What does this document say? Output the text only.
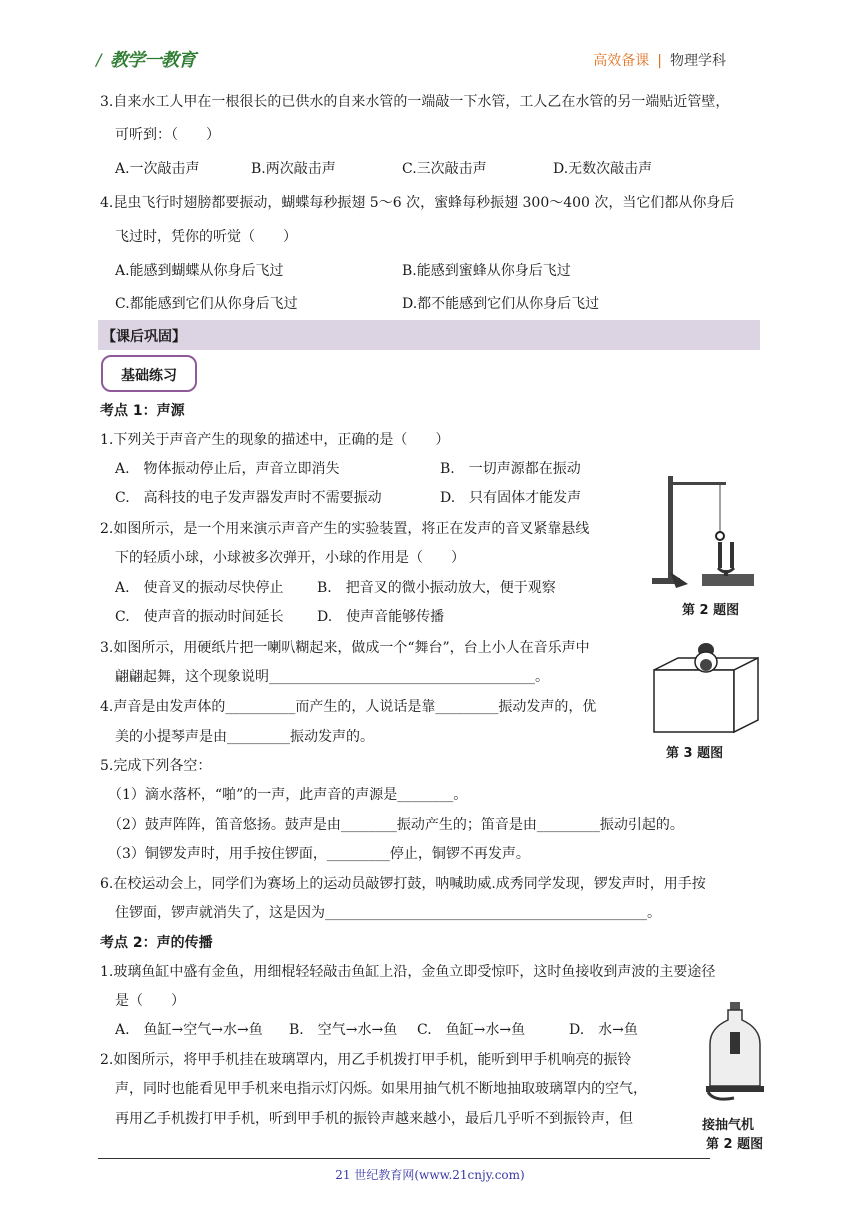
/ 教学一教育	高效备课 | 物理学科
3.自来水工人甲在一根很长的已供水的自来水管的一端敲一下水管，工人乙在水管的另一端贴近管壁，
可听到：（　　）
A.一次敲击声	B.两次敲击声	C.三次敲击声	D.无数次敲击声
4.昆虫飞行时翅膀都要振动，蝴蝶每秒振翅 5～6 次，蜜蜂每秒振翅 300～400 次，当它们都从你身后
飞过时，凭你的听觉（　　）
A.能感到蝴蝶从你身后飞过	B.能感到蜜蜂从你身后飞过
C.都能感到它们从你身后飞过	D.都不能感到它们从你身后飞过
【课后巩固】
基础练习
考点 1：声源
1.下列关于声音产生的现象的描述中，正确的是（　　）
A.　物体振动停止后，声音立即消失	B.　一切声源都在振动
C.　高科技的电子发声器发声时不需要振动	D.　只有固体才能发声
2.如图所示，是一个用来演示声音产生的实验装置，将正在发声的音叉紧靠悬线
下的轻质小球，小球被多次弹开，小球的作用是（　　）
A.　使音叉的振动尽快停止 B.　把音叉的微小振动放大，便于观察
C.　使声音的振动时间延长 D.　使声音能够传播
3.如图所示，用硬纸片把一喇叭糊起来，做成一个“舞台”，台上小人在音乐声中
翩翩起舞，这个现象说明______________________________________。
4.声音是由发声体的__________而产生的，人说话是靠_________振动发声的，优
美的小提琴声是由_________振动发声的。
5.完成下列各空：
（1）滴水落杯，“啪”的一声，此声音的声源是________。
（2）鼓声阵阵，笛音悠扬。鼓声是由________振动产生的；笛音是由_________振动引起的。
（3）铜锣发声时，用手按住锣面，_________停止，铜锣不再发声。
6.在校运动会上，同学们为赛场上的运动员敲锣打鼓，呐喊助威.成秀同学发现，锣发声时，用手按
住锣面，锣声就消失了，这是因为______________________________________________。
第 2 题图
第 3 题图
考点 2：声的传播
1.玻璃鱼缸中盛有金鱼，用细棍轻轻敲击鱼缸上沿，金鱼立即受惊吓，这时鱼接收到声波的主要途径
是（　　）
A.　鱼缸→空气→水→鱼 B.　空气→水→鱼 C.　鱼缸→水→鱼	D.　水→鱼
2.如图所示，将甲手机挂在玻璃罩内，用乙手机拨打甲手机，能听到甲手机响亮的振铃
声，同时也能看见甲手机来电指示灯闪烁。如果用抽气机不断地抽取玻璃罩内的空气，
再用乙手机拨打甲手机，听到甲手机的振铃声越来越小，最后几乎听不到振铃声，但	接抽气机
第 2 题图
21 世纪教育网(www.21cnjy.com)
